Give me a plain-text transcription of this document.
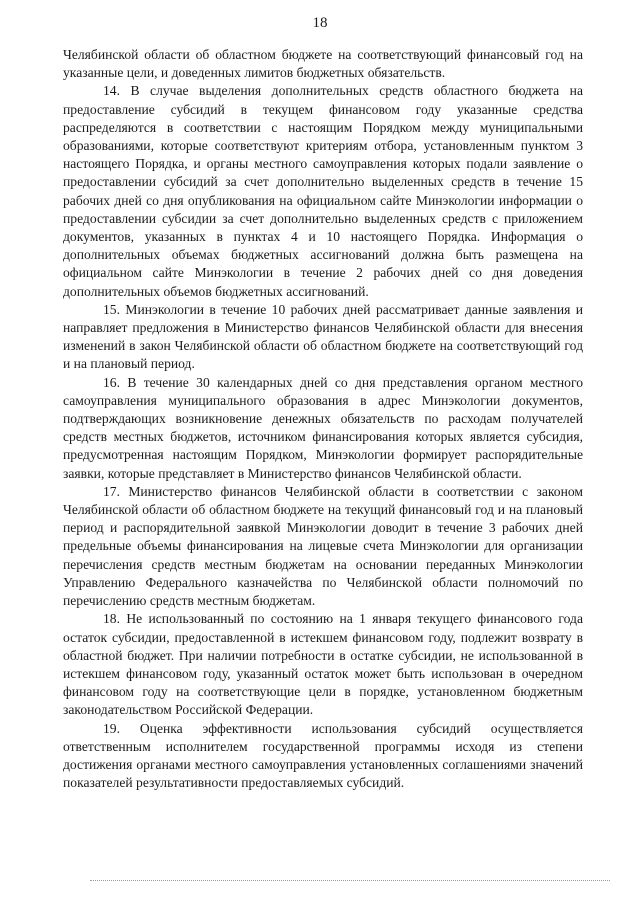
18

Челябинской области об областном бюджете на соответствующий финансовый год на указанные цели, и доведенных лимитов бюджетных обязательств.

14. В случае выделения дополнительных средств областного бюджета на предоставление субсидий в текущем финансовом году указанные средства распределяются в соответствии с настоящим Порядком между муниципальными образованиями, которые соответствуют критериям отбора, установленным пунктом 3 настоящего Порядка, и органы местного самоуправления которых подали заявление о предоставлении субсидий за счет дополнительно выделенных средств в течение 15 рабочих дней со дня опубликования на официальном сайте Минэкологии информации о предоставлении субсидии за счет дополнительно выделенных средств с приложением документов, указанных в пунктах 4 и 10 настоящего Порядка. Информация о дополнительных объемах бюджетных ассигнований должна быть размещена на официальном сайте Минэкологии в течение 2 рабочих дней со дня доведения дополнительных объемов бюджетных ассигнований.

15. Минэкологии в течение 10 рабочих дней рассматривает данные заявления и направляет предложения в Министерство финансов Челябинской области для внесения изменений в закон Челябинской области об областном бюджете на соответствующий год и на плановый период.

16. В течение 30 календарных дней со дня представления органом местного самоуправления муниципального образования в адрес Минэкологии документов, подтверждающих возникновение денежных обязательств по расходам получателей средств местных бюджетов, источником финансирования которых является субсидия, предусмотренная настоящим Порядком, Минэкологии формирует распорядительные заявки, которые представляет в Министерство финансов Челябинской области.

17. Министерство финансов Челябинской области в соответствии с законом Челябинской области об областном бюджете на текущий финансовый год и на плановый период и распорядительной заявкой Минэкологии доводит в течение 3 рабочих дней предельные объемы финансирования на лицевые счета Минэкологии для организации перечисления средств местным бюджетам на основании переданных Минэкологии Управлению Федерального казначейства по Челябинской области полномочий по перечислению средств местным бюджетам.

18. Не использованный по состоянию на 1 января текущего финансового года остаток субсидии, предоставленной в истекшем финансовом году, подлежит возврату в областной бюджет. При наличии потребности в остатке субсидии, не использованной в истекшем финансовом году, указанный остаток может быть использован в очередном финансовом году на соответствующие цели в порядке, установленном бюджетным законодательством Российской Федерации.

19. Оценка эффективности использования субсидий осуществляется ответственным исполнителем государственной программы исходя из степени достижения органами местного самоуправления установленных соглашениями значений показателей результативности предоставляемых субсидий.
